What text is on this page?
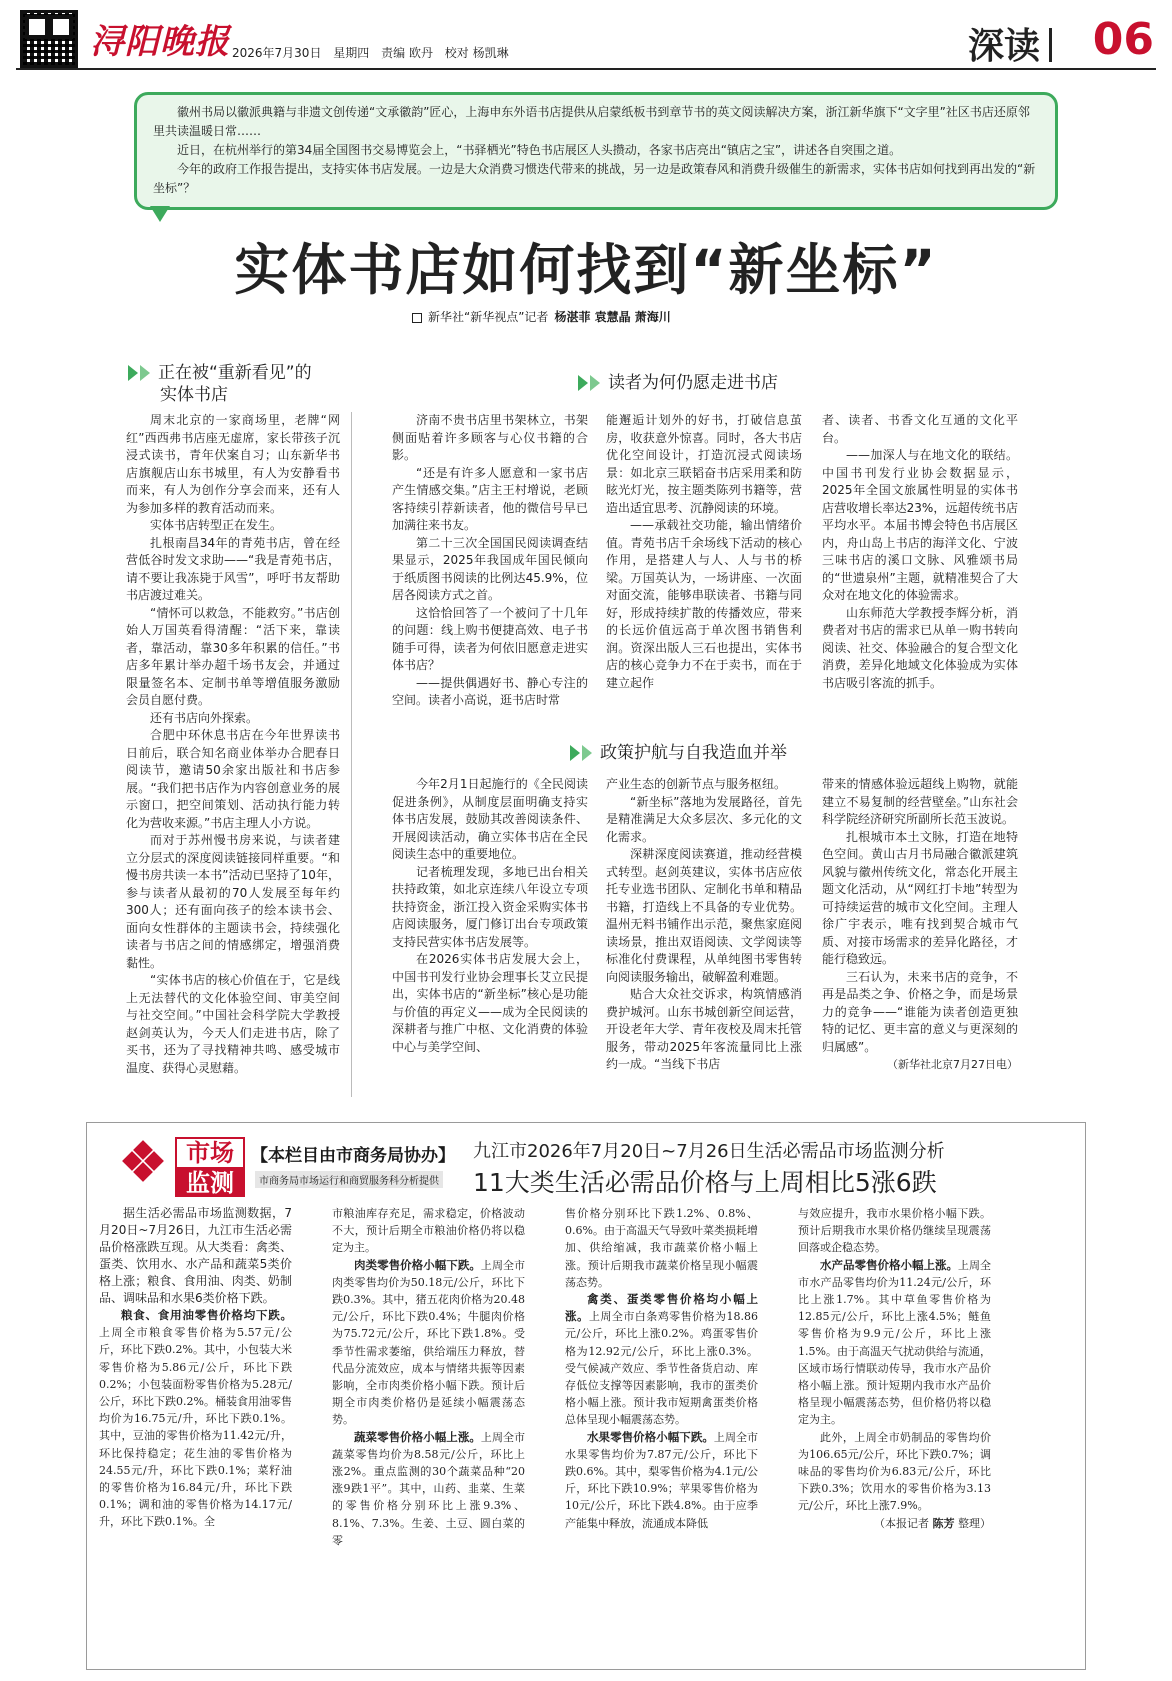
浔阳晚报 2026年7月30日 星期四 责编 欧丹 校对 杨凯琳	深读 06

徽州书局以徽派典籍与非遗文创传递“文承徽韵”匠心，上海申东外语书店提供从启蒙纸板书到章节书的英文阅读解决方案，浙江新华旗下“文字里”社区书店还原邻里共读温暖日常……

近日，在杭州举行的第34届全国图书交易博览会上，“书驿栖光”特色书店展区人头攒动，各家书店亮出“镇店之宝”，讲述各自突围之道。

今年的政府工作报告提出，支持实体书店发展。一边是大众消费习惯迭代带来的挑战，另一边是政策春风和消费升级催生的新需求，实体书店如何找到再出发的“新坐标”？

实体书店如何找到“新坐标”
新华社“新华视点”记者 杨湛菲 袁慧晶 萧海川
正在被“重新看见”的
实体书店
读者为何仍愿走进书店
政策护航与自我造血并举

周末北京的一家商场里，老牌“网红”西西弗书店座无虚席，家长带孩子沉浸式读书，青年伏案自习；山东新华书店旗舰店山东书城里，有人为安静看书而来，有人为创作分享会而来，还有人为参加多样的教育活动而来。

实体书店转型正在发生。

扎根南昌34年的青苑书店，曾在经营低谷时发文求助——“我是青苑书店，请不要让我冻毙于风雪”，呼吁书友帮助书店渡过难关。

“情怀可以救急，不能救穷。”书店创始人万国英看得清醒：“活下来，靠读者，靠活动，靠30多年积累的信任。”书店多年累计举办超千场书友会，并通过限量签名本、定制书单等增值服务激励会员自愿付费。

还有书店向外探索。

合肥中环休息书店在今年世界读书日前后，联合知名商业体举办合肥春日阅读节，邀请50余家出版社和书店参展。“我们把书店作为内容创意业务的展示窗口，把空间策划、活动执行能力转化为营收来源。”书店主理人小方说。

而对于苏州慢书房来说，与读者建立分层式的深度阅读链接同样重要。“和慢书房共读一本书”活动已坚持了10年，参与读者从最初的70人发展至每年约300人；还有面向孩子的绘本读书会、面向女性群体的主题读书会，持续强化读者与书店之间的情感绑定，增强消费黏性。

“实体书店的核心价值在于，它是线上无法替代的文化体验空间、审美空间与社交空间。”中国社会科学院大学教授赵剑英认为，今天人们走进书店，除了买书，还为了寻找精神共鸣、感受城市温度、获得心灵慰藉。

济南不贵书店里书架林立，书架侧面贴着许多顾客与心仪书籍的合影。

“还是有许多人愿意和一家书店产生情感交集。”店主王村增说，老顾客持续引荐新读者，他的微信号早已加满往来书友。

第二十三次全国国民阅读调查结果显示，2025年我国成年国民倾向于纸质图书阅读的比例达45.9%，位居各阅读方式之首。

这恰恰回答了一个被问了十几年的问题：线上购书便捷高效、电子书随手可得，读者为何依旧愿意走进实体书店？

——提供偶遇好书、静心专注的空间。读者小高说，逛书店时常

能邂逅计划外的好书，打破信息茧房，收获意外惊喜。同时，各大书店优化空间设计，打造沉浸式阅读场景：如北京三联韬奋书店采用柔和防眩光灯光，按主题类陈列书籍等，营造出适宜思考、沉静阅读的环境。

——承载社交功能，输出情绪价值。青苑书店千余场线下活动的核心作用，是搭建人与人、人与书的桥梁。万国英认为，一场讲座、一次面对面交流，能够串联读者、书籍与同好，形成持续扩散的传播效应，带来的长远价值远高于单次图书销售利润。资深出版人三石也提出，实体书店的核心竞争力不在于卖书，而在于建立起作

者、读者、书香文化互通的文化平台。

——加深人与在地文化的联结。中国书刊发行业协会数据显示，2025年全国文旅属性明显的实体书店营收增长率达23%，远超传统书店平均水平。本届书博会特色书店展区内，舟山岛上书店的海洋文化、宁波三味书店的溪口文脉、风雅颂书局的“世遗泉州”主题，就精准契合了大众对在地文化的体验需求。

山东师范大学教授李辉分析，消费者对书店的需求已从单一购书转向阅读、社交、体验融合的复合型文化消费，差异化地域文化体验成为实体书店吸引客流的抓手。

今年2月1日起施行的《全民阅读促进条例》，从制度层面明确支持实体书店发展，鼓励其改善阅读条件、开展阅读活动，确立实体书店在全民阅读生态中的重要地位。

记者梳理发现，多地已出台相关扶持政策，如北京连续八年设立专项扶持资金，浙江投入资金采购实体书店阅读服务，厦门修订出台专项政策支持民营实体书店发展等。

在2026实体书店发展大会上，中国书刊发行业协会理事长艾立民提出，实体书店的“新坐标”核心是功能与价值的再定义——成为全民阅读的深耕者与推广中枢、文化消费的体验中心与美学空间、

产业生态的创新节点与服务枢纽。

“新坐标”落地为发展路径，首先是精准满足大众多层次、多元化的文化需求。

深耕深度阅读赛道，推动经营模式转型。赵剑英建议，实体书店应依托专业选书团队、定制化书单和精品书籍，打造线上不具备的专业优势。温州无料书铺作出示范，聚焦家庭阅读场景，推出双语阅读、文学阅读等标准化付费课程，从单纯图书零售转向阅读服务输出，破解盈利难题。

贴合大众社交诉求，构筑情感消费护城河。山东书城创新空间运营，开设老年大学、青年夜校及周末托管服务，带动2025年客流量同比上涨约一成。“当线下书店

带来的情感体验远超线上购物，就能建立不易复制的经营壁垒。”山东社会科学院经济研究所副所长范玉波说。

扎根城市本土文脉，打造在地特色空间。黄山古月书局融合徽派建筑风貌与徽州传统文化，常态化开展主题文化活动，从“网红打卡地”转型为可持续运营的城市文化空间。主理人徐广宇表示，唯有找到契合城市气质、对接市场需求的差异化路径，才能行稳致远。

三石认为，未来书店的竞争，不再是品类之争、价格之争，而是场景力的竞争——“谁能为读者创造更独特的记忆、更丰富的意义与更深刻的归属感”。

（新华社北京7月27日电）

市场
监测
【本栏目由市商务局协办】
市商务局市场运行和商贸服务科分析提供
九江市2026年7月20日~7月26日生活必需品市场监测分析
11大类生活必需品价格与上周相比5涨6跌

据生活必需品市场监测数据，7月20日~7月26日，九江市生活必需品价格涨跌互现。从大类看：禽类、蛋类、饮用水、水产品和蔬菜5类价格上涨；粮食、食用油、肉类、奶制品、调味品和水果6类价格下跌。

粮食、食用油零售价格均下跌。上周全市粮食零售价格为5.57元/公斤，环比下跌0.2%。其中，小包装大米零售价格为5.86元/公斤，环比下跌0.2%；小包装面粉零售价格为5.28元/公斤，环比下跌0.2%。桶装食用油零售均价为16.75元/升，环比下跌0.1%。其中，豆油的零售价格为11.42元/升，环比保持稳定；花生油的零售价格为24.55元/升，环比下跌0.1%；菜籽油的零售价格为16.84元/升，环比下跌0.1%；调和油的零售价格为14.17元/升，环比下跌0.1%。全

市粮油库存充足，需求稳定，价格波动不大，预计后期全市粮油价格仍将以稳定为主。

肉类零售价格小幅下跌。上周全市肉类零售均价为50.18元/公斤，环比下跌0.3%。其中，猪五花肉价格为20.48元/公斤，环比下跌0.4%；牛腿肉价格为75.72元/公斤，环比下跌1.8%。受季节性需求萎缩，供给端压力释放，替代品分流效应，成本与情绪共振等因素影响，全市肉类价格小幅下跌。预计后期全市肉类价格仍是延续小幅震荡态势。

蔬菜零售价格小幅上涨。上周全市蔬菜零售均价为8.58元/公斤，环比上涨2%。重点监测的30个蔬菜品种“20涨9跌1平”。其中，山药、韭菜、生菜的零售价格分别环比上涨9.3%、8.1%、7.3%。生姜、土豆、圆白菜的零

售价格分别环比下跌1.2%、0.8%、0.6%。由于高温天气导致叶菜类损耗增加、供给缩减，我市蔬菜价格小幅上涨。预计后期我市蔬菜价格呈现小幅震荡态势。

禽类、蛋类零售价格均小幅上涨。上周全市白条鸡零售价格为18.86元/公斤，环比上涨0.2%。鸡蛋零售价格为12.92元/公斤，环比上涨0.3%。受气候减产效应、季节性备货启动、库存低位支撑等因素影响，我市的蛋类价格小幅上涨。预计我市短期禽蛋类价格总体呈现小幅震荡态势。

水果零售价格小幅下跌。上周全市水果零售均价为7.87元/公斤，环比下跌0.6%。其中，梨零售价格为4.1元/公斤，环比下跌10.9%；苹果零售价格为10元/公斤，环比下跌4.8%。由于应季产能集中释放，流通成本降低

与效应提升，我市水果价格小幅下跌。预计后期我市水果价格仍继续呈现震荡回落或企稳态势。

水产品零售价格小幅上涨。上周全市水产品零售均价为11.24元/公斤，环比上涨1.7%。其中草鱼零售价格为12.85元/公斤，环比上涨4.5%；鲢鱼零售价格为9.9元/公斤，环比上涨1.5%。由于高温天气扰动供给与流通，区域市场行情联动传导，我市水产品价格小幅上涨。预计短期内我市水产品价格呈现小幅震荡态势，但价格仍将以稳定为主。

此外，上周全市奶制品的零售均价为106.65元/公斤，环比下跌0.7%；调味品的零售均价为6.83元/公斤，环比下跌0.3%；饮用水的零售价格为3.13元/公斤，环比上涨7.9%。

（本报记者 陈芳 整理）
